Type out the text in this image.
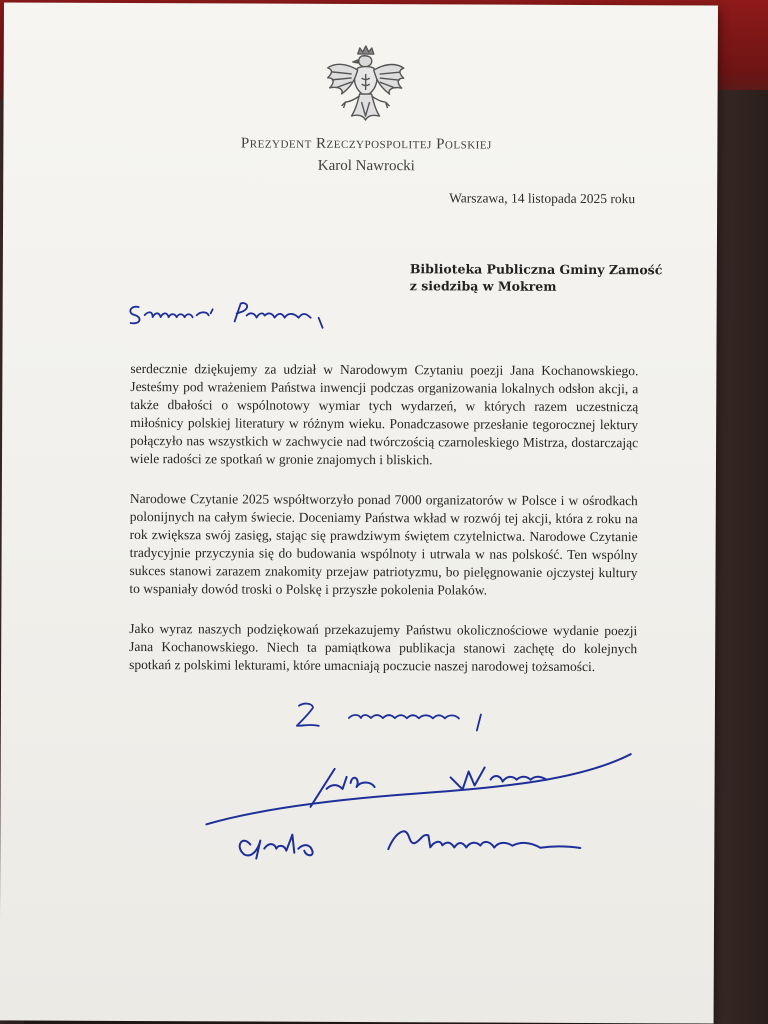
Prezydent Rzeczypospolitej Polskiej
Karol Nawrocki
Warszawa, 14 listopada 2025 roku
Biblioteka Publiczna Gminy Zamość
z siedzibą w Mokrem

serdecznie dziękujemy za udział w Narodowym Czytaniu poezji Jana Kochanowskiego. Jesteśmy pod wrażeniem Państwa inwencji podczas organizowania lokalnych odsłon akcji, a także dbałości o wspólnotowy wymiar tych wydarzeń, w których razem uczestniczą miłośnicy polskiej literatury w różnym wieku. Ponadczasowe przesłanie tegorocznej lektury połączyło nas wszystkich w zachwycie nad twórczością czarnoleskiego Mistrza, dostarczając wiele radości ze spotkań w gronie znajomych i bliskich.

Narodowe Czytanie 2025 współtworzyło ponad 7000 organizatorów w Polsce i w ośrodkach polonijnych na całym świecie. Doceniamy Państwa wkład w rozwój tej akcji, która z roku na rok zwiększa swój zasięg, stając się prawdziwym świętem czytelnictwa. Narodowe Czytanie tradycyjnie przyczynia się do budowania wspólnoty i utrwala w nas polskość. Ten wspólny sukces stanowi zarazem znakomity przejaw patriotyzmu, bo pielęgnowanie ojczystej kultury to wspaniały dowód troski o Polskę i przyszłe pokolenia Polaków.

Jako wyraz naszych podziękowań przekazujemy Państwu okolicznościowe wydanie poezji Jana Kochanowskiego. Niech ta pamiątkowa publikacja stanowi zachętę do kolejnych spotkań z polskimi lekturami, które umacniają poczucie naszej narodowej tożsamości.
